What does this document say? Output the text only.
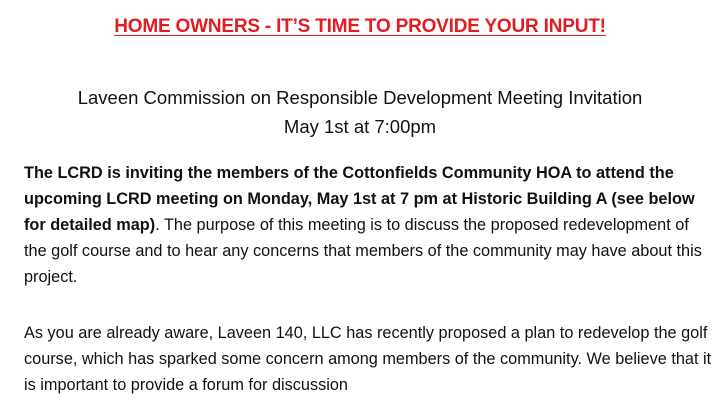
HOME OWNERS - IT’S TIME TO PROVIDE YOUR INPUT!
Laveen Commission on Responsible Development Meeting Invitation
May 1st at 7:00pm

The LCRD is inviting the members of the Cottonfields Community HOA to attend the upcoming LCRD meeting on Monday, May 1st at 7 pm at Historic Building A (see below for detailed map). The purpose of this meeting is to discuss the proposed redevelopment of the golf course and to hear any concerns that members of the community may have about this project.

As you are already aware, Laveen 140, LLC has recently proposed a plan to redevelop the golf course, which has sparked some concern among members of the community. We believe that it is important to provide a forum for discussion
